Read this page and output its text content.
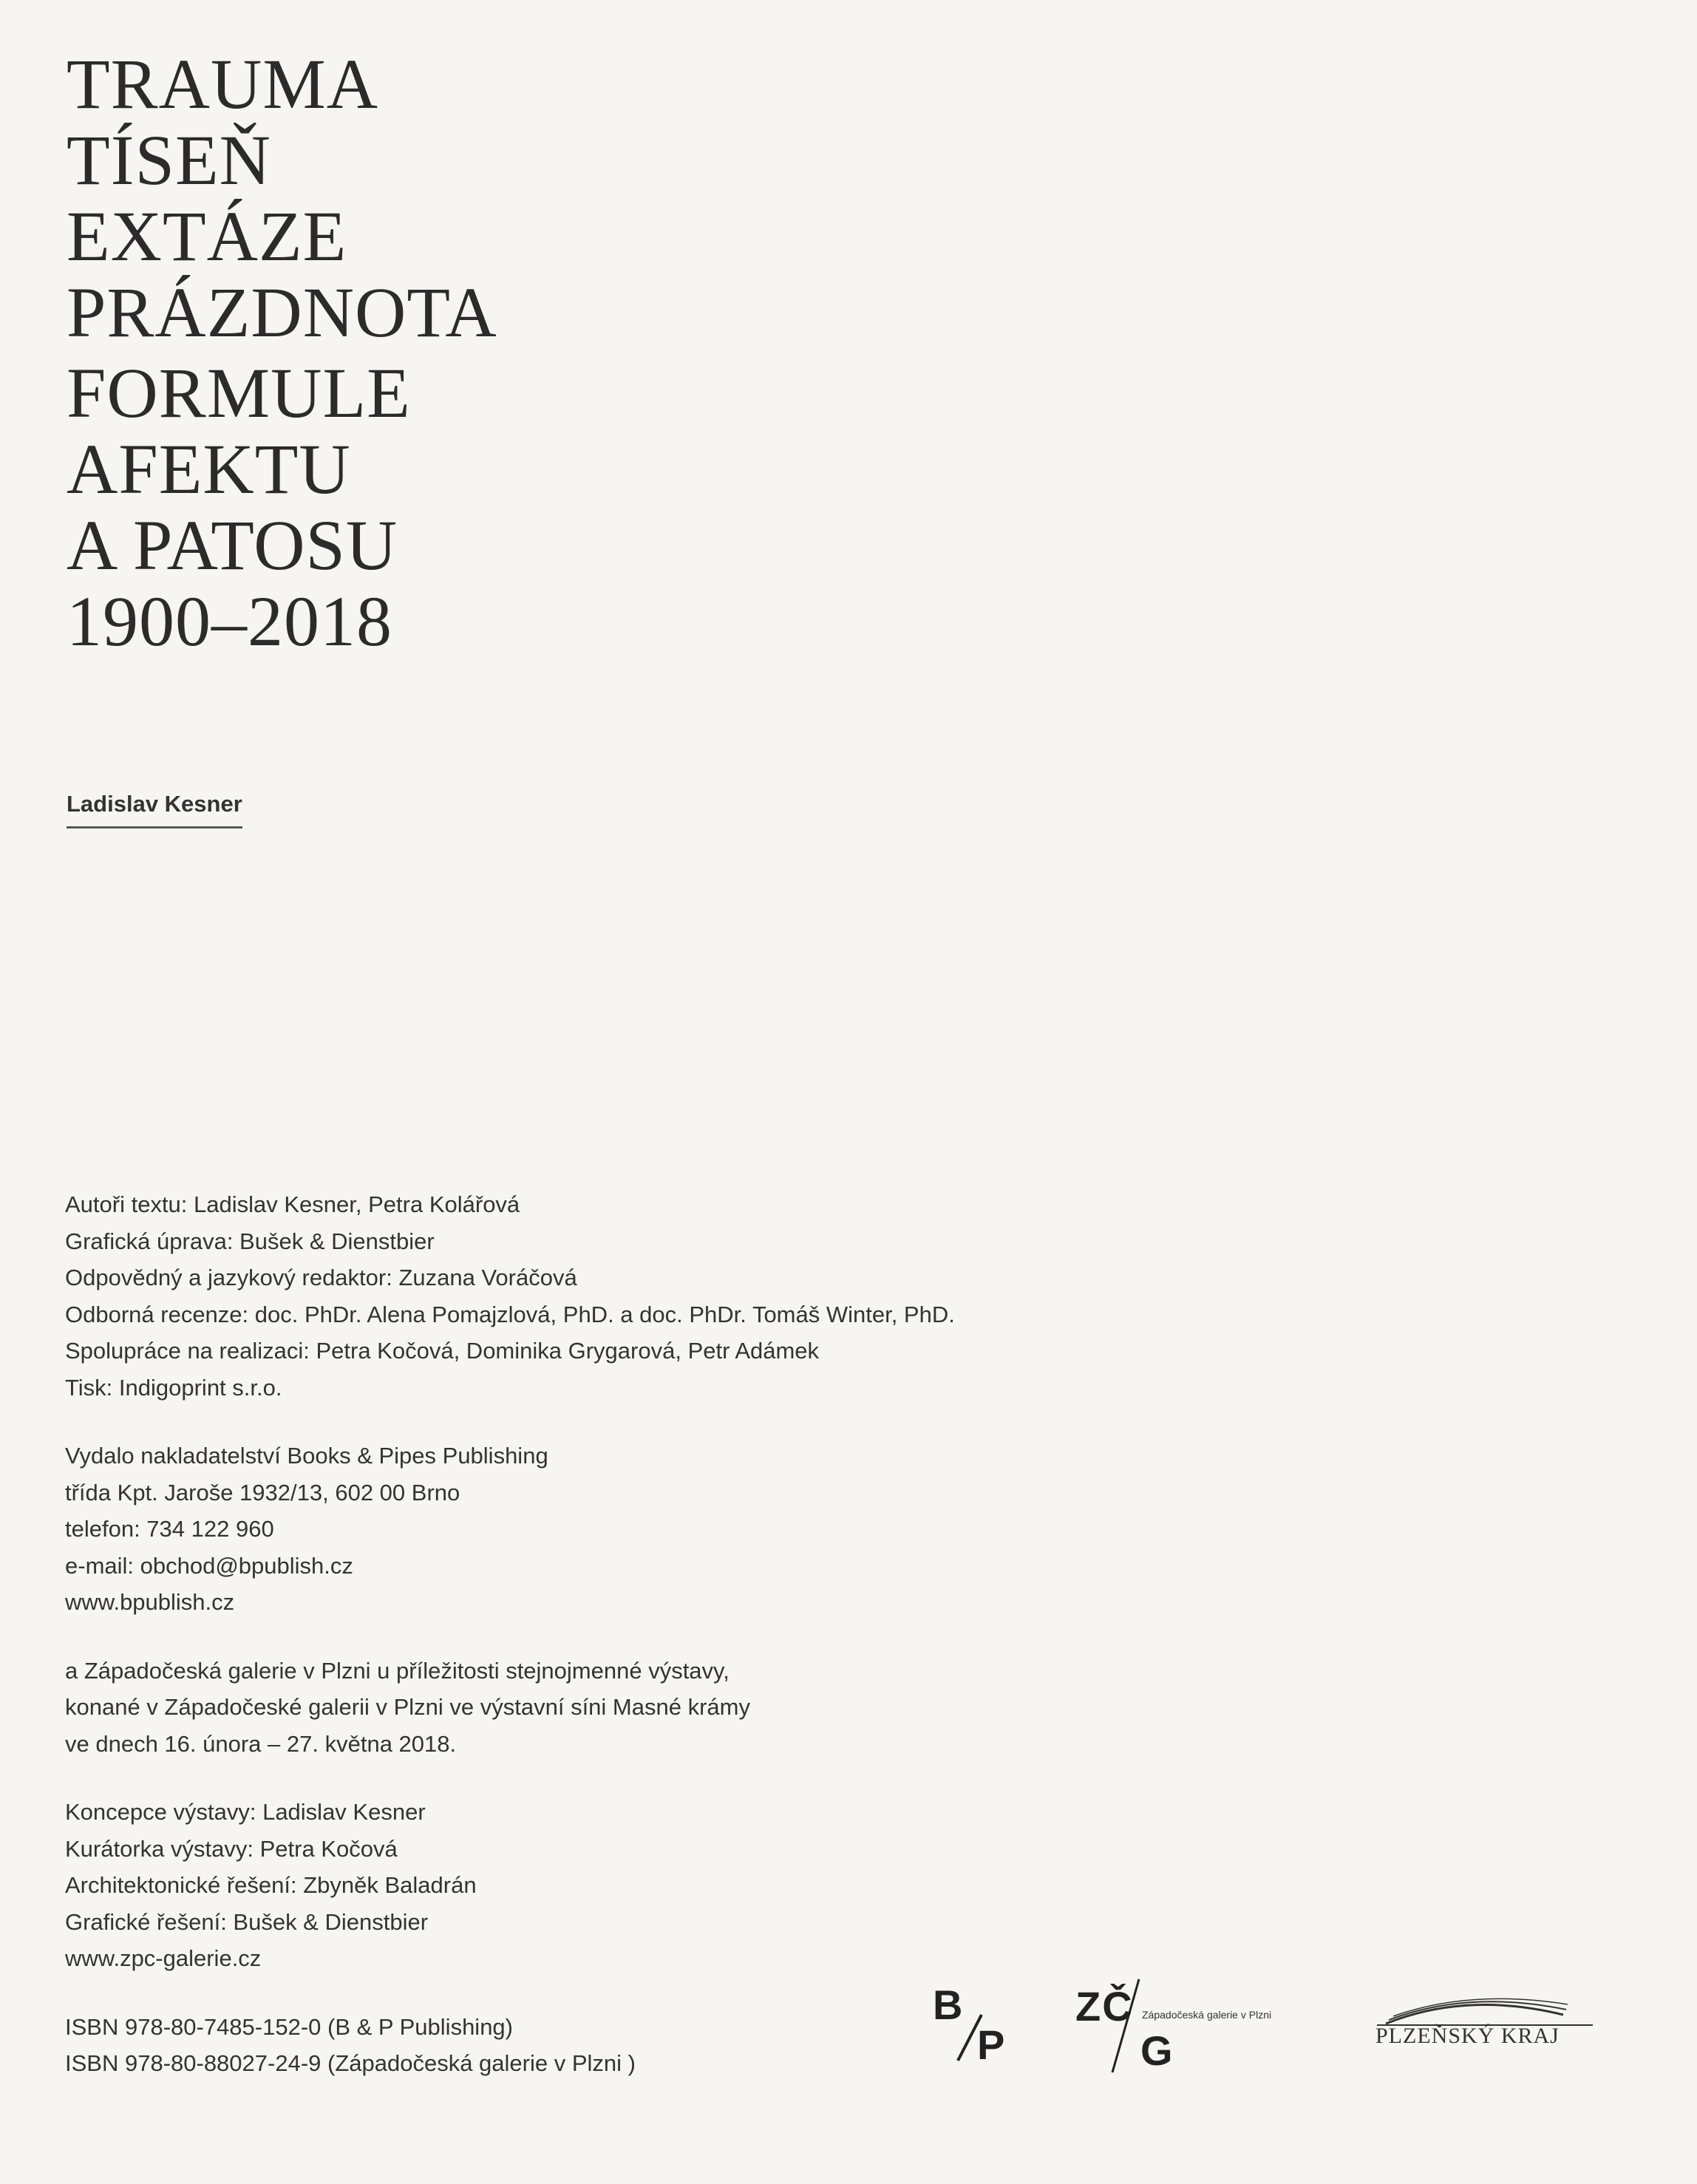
TRAUMA
TÍSEŇ
EXTÁZE
PRÁZDNOTA
FORMULE
AFEKTU
A PATOSU
1900–2018
Ladislav Kesner
Autoři textu: Ladislav Kesner, Petra Kolářová
Grafická úprava: Bušek & Dienstbier
Odpovědný a jazykový redaktor: Zuzana Voráčová
Odborná recenze: doc. PhDr. Alena Pomajzlová, PhD. a doc. PhDr. Tomáš Winter, PhD.
Spolupráce na realizaci: Petra Kočová, Dominika Grygarová, Petr Adámek
Tisk: Indigoprint s.r.o.
Vydalo nakladatelství Books & Pipes Publishing
třída Kpt. Jaroše 1932/13, 602 00 Brno
telefon: 734 122 960
e-mail: obchod@bpublish.cz
www.bpublish.cz
a Západočeská galerie v Plzni u příležitosti stejnojmenné výstavy,
konané v Západočeské galerii v Plzni ve výstavní síni Masné krámy
ve dnech 16. února – 27. května 2018.
Koncepce výstavy: Ladislav Kesner
Kurátorka výstavy: Petra Kočová
Architektonické řešení: Zbyněk Baladrán
Grafické řešení: Bušek & Dienstbier
www.zpc-galerie.cz
ISBN 978-80-7485-152-0 (B & P Publishing)
ISBN 978-80-88027-24-9 (Západočeská galerie v Plzni )
B
P
ZČ
G
Západočeská galerie v Plzni
PLZEŇSKÝ KRAJ
